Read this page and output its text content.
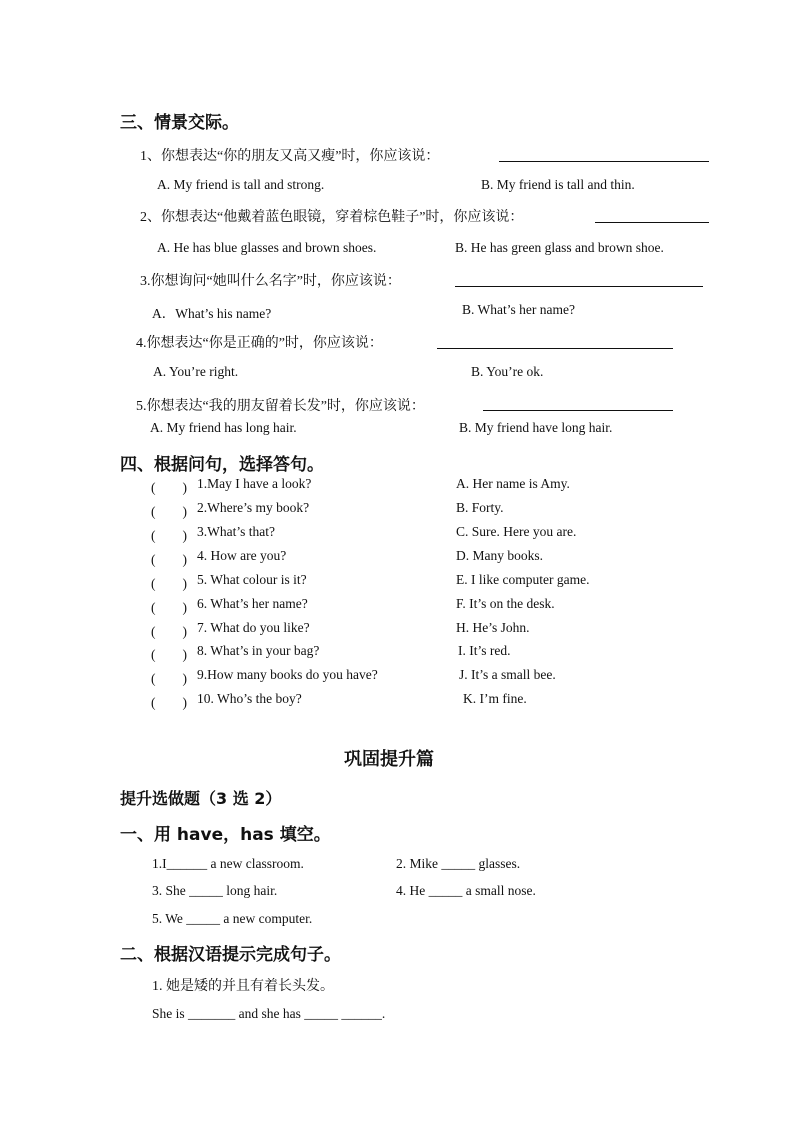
三、情景交际。
1、你想表达“你的朋友又高又瘦”时，你应该说：
A. My friend is tall and strong.	B. My friend is tall and thin.
2、你想表达“他戴着蓝色眼镜，穿着棕色鞋子”时，你应该说：
A. He has blue glasses and brown shoes.	B. He has green glass and brown shoe.
3.你想询问“她叫什么名字”时，你应该说：
A．What’s his name?	B. What’s her name?
4.你想表达“你是正确的”时，你应该说：
A. You’re right.	B. You’re ok.
5.你想表达“我的朋友留着长发”时，你应该说：
A. My friend has long hair.	B. My friend have long hair.
四、根据问句，选择答句。
(　　) 1.May I have a look?	A. Her name is Amy.
(　　) 2.Where’s my book?	B. Forty.
(　　) 3.What’s that?	C. Sure. Here you are.
(　　) 4. How are you?	D. Many books.
(　　) 5. What colour is it?	E. I like computer game.
(　　) 6. What’s her name?	F. It’s on the desk.
(　　) 7. What do you like?	H. He’s John.
(　　) 8. What’s in your bag?	I. It’s red.
(　　) 9.How many books do you have?	J. It’s a small bee.
(　　) 10. Who’s the boy?	K. I’m fine.
巩固提升篇
提升选做题（3 选 2）
一、用 have，has 填空。
1.I______ a new classroom.	2. Mike _____ glasses.
3. She _____ long hair.	4. He _____ a small nose.
5. We _____ a new computer.
二、根据汉语提示完成句子。
1. 她是矮的并且有着长头发。
She is _______ and she has _____ ______.
